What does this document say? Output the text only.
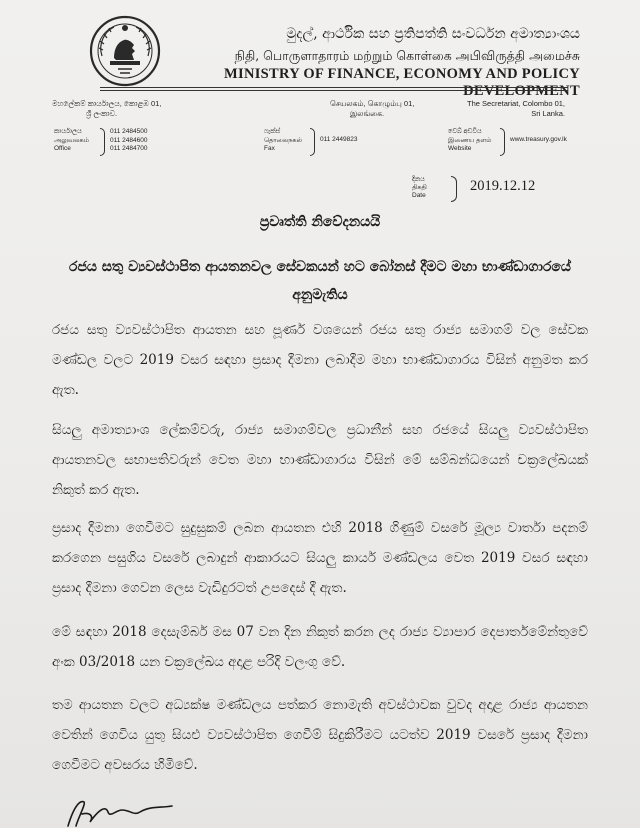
මුදල්, ආර්ථික සහ ප්‍රතිපත්ති සංවර්ධන අමාත්‍යාංශය
நிதி, பொருளாதாரம் மற்றும் கொள்கை அபிவிருத்தி அமைச்சு
MINISTRY OF FINANCE, ECONOMY AND POLICY DEVELOPMENT
මහලේකම් කාර්යාලය, කොළඹ 01,
ශ්‍රී ලංකාව.
செயலகம், கொழும்பு 01,
இலங்கை.
The Secretariat, Colombo 01,
Sri Lanka.
කාර්යාලය
அலுவலகம்
Office
011 2484500
011 2484600
011 2484700
ෆැක්ස්
தொலைநகல்
Fax
011 2449823
වෙබ් අඩවිය
இணைய தளம்
Website
www.treasury.gov.lk
දිනය
திகதி
Date
2019.12.12
ප්‍රවෘත්ති නිවේදනයයි
රජය සතු ව්‍යවස්ථාපිත ආයතනවල සේවකයන් හට බෝනස් දීමට මහා භාණ්ඩාගාරයේ අනුමැතිය

රජය සතු ව්‍යවස්ථාපිත ආයතන සහ පූර්ණ වශයෙන් රජය සතු රාජ්‍ය සමාගම් වල සේවක මණ්ඩල වලට 2019 වසර සඳහා ප්‍රසාද දීමනා ලබාදීම මහා භාණ්ඩාගාරය විසින් අනුමත කර ඇත.

සියලු අමාත්‍යාංශ ලේකම්වරු, රාජ්‍ය සමාගම්වල ප්‍රධානීන් සහ රජයේ සියලු ව්‍යවස්ථාපිත ආයතනවල සභාපතිවරුන් වෙත මහා භාණ්ඩාගාරය විසින් මේ සම්බන්ධයෙන් චක්‍රලේඛයක් නිකුත් කර ඇත.

ප්‍රසාද දීමනා ගෙවීමට සුදුසුකම් ලබන ආයතන එහි 2018 ගිණුම් වසරේ මූල්‍ය වාර්තා පදනම් කරගෙන පසුගිය වසරේ ලබාදුන් ආකාරයට සියලු කාර්ය මණ්ඩලය වෙත 2019 වසර සඳහා ප්‍රසාද දීමනා ගෙවන ලෙස වැඩිදුරටත් උපදෙස් දී ඇත.

මේ සඳහා 2018 දෙසැම්බර් මස 07 වන දින නිකුත් කරන ලද රාජ්‍ය ව්‍යාපාර දෙපාර්තමේන්තුවේ අංක 03/2018 යන චක්‍රලේඛය අදාළ පරිදි වලංගු වේ.

තම ආයතන වලට අධ්‍යක්ෂ මණ්ඩලය පත්කර නොමැති අවස්ථාවක වුවද අදාළ රාජ්‍ය ආයතන වෙතින් ගෙවිය යුතු සියළු ව්‍යවස්ථාපිත ගෙවීම් සිදුකිරීමට යටත්ව 2019 වසරේ ප්‍රසාද දීමනා ගෙවීමට අවසරය හිමිවේ.
